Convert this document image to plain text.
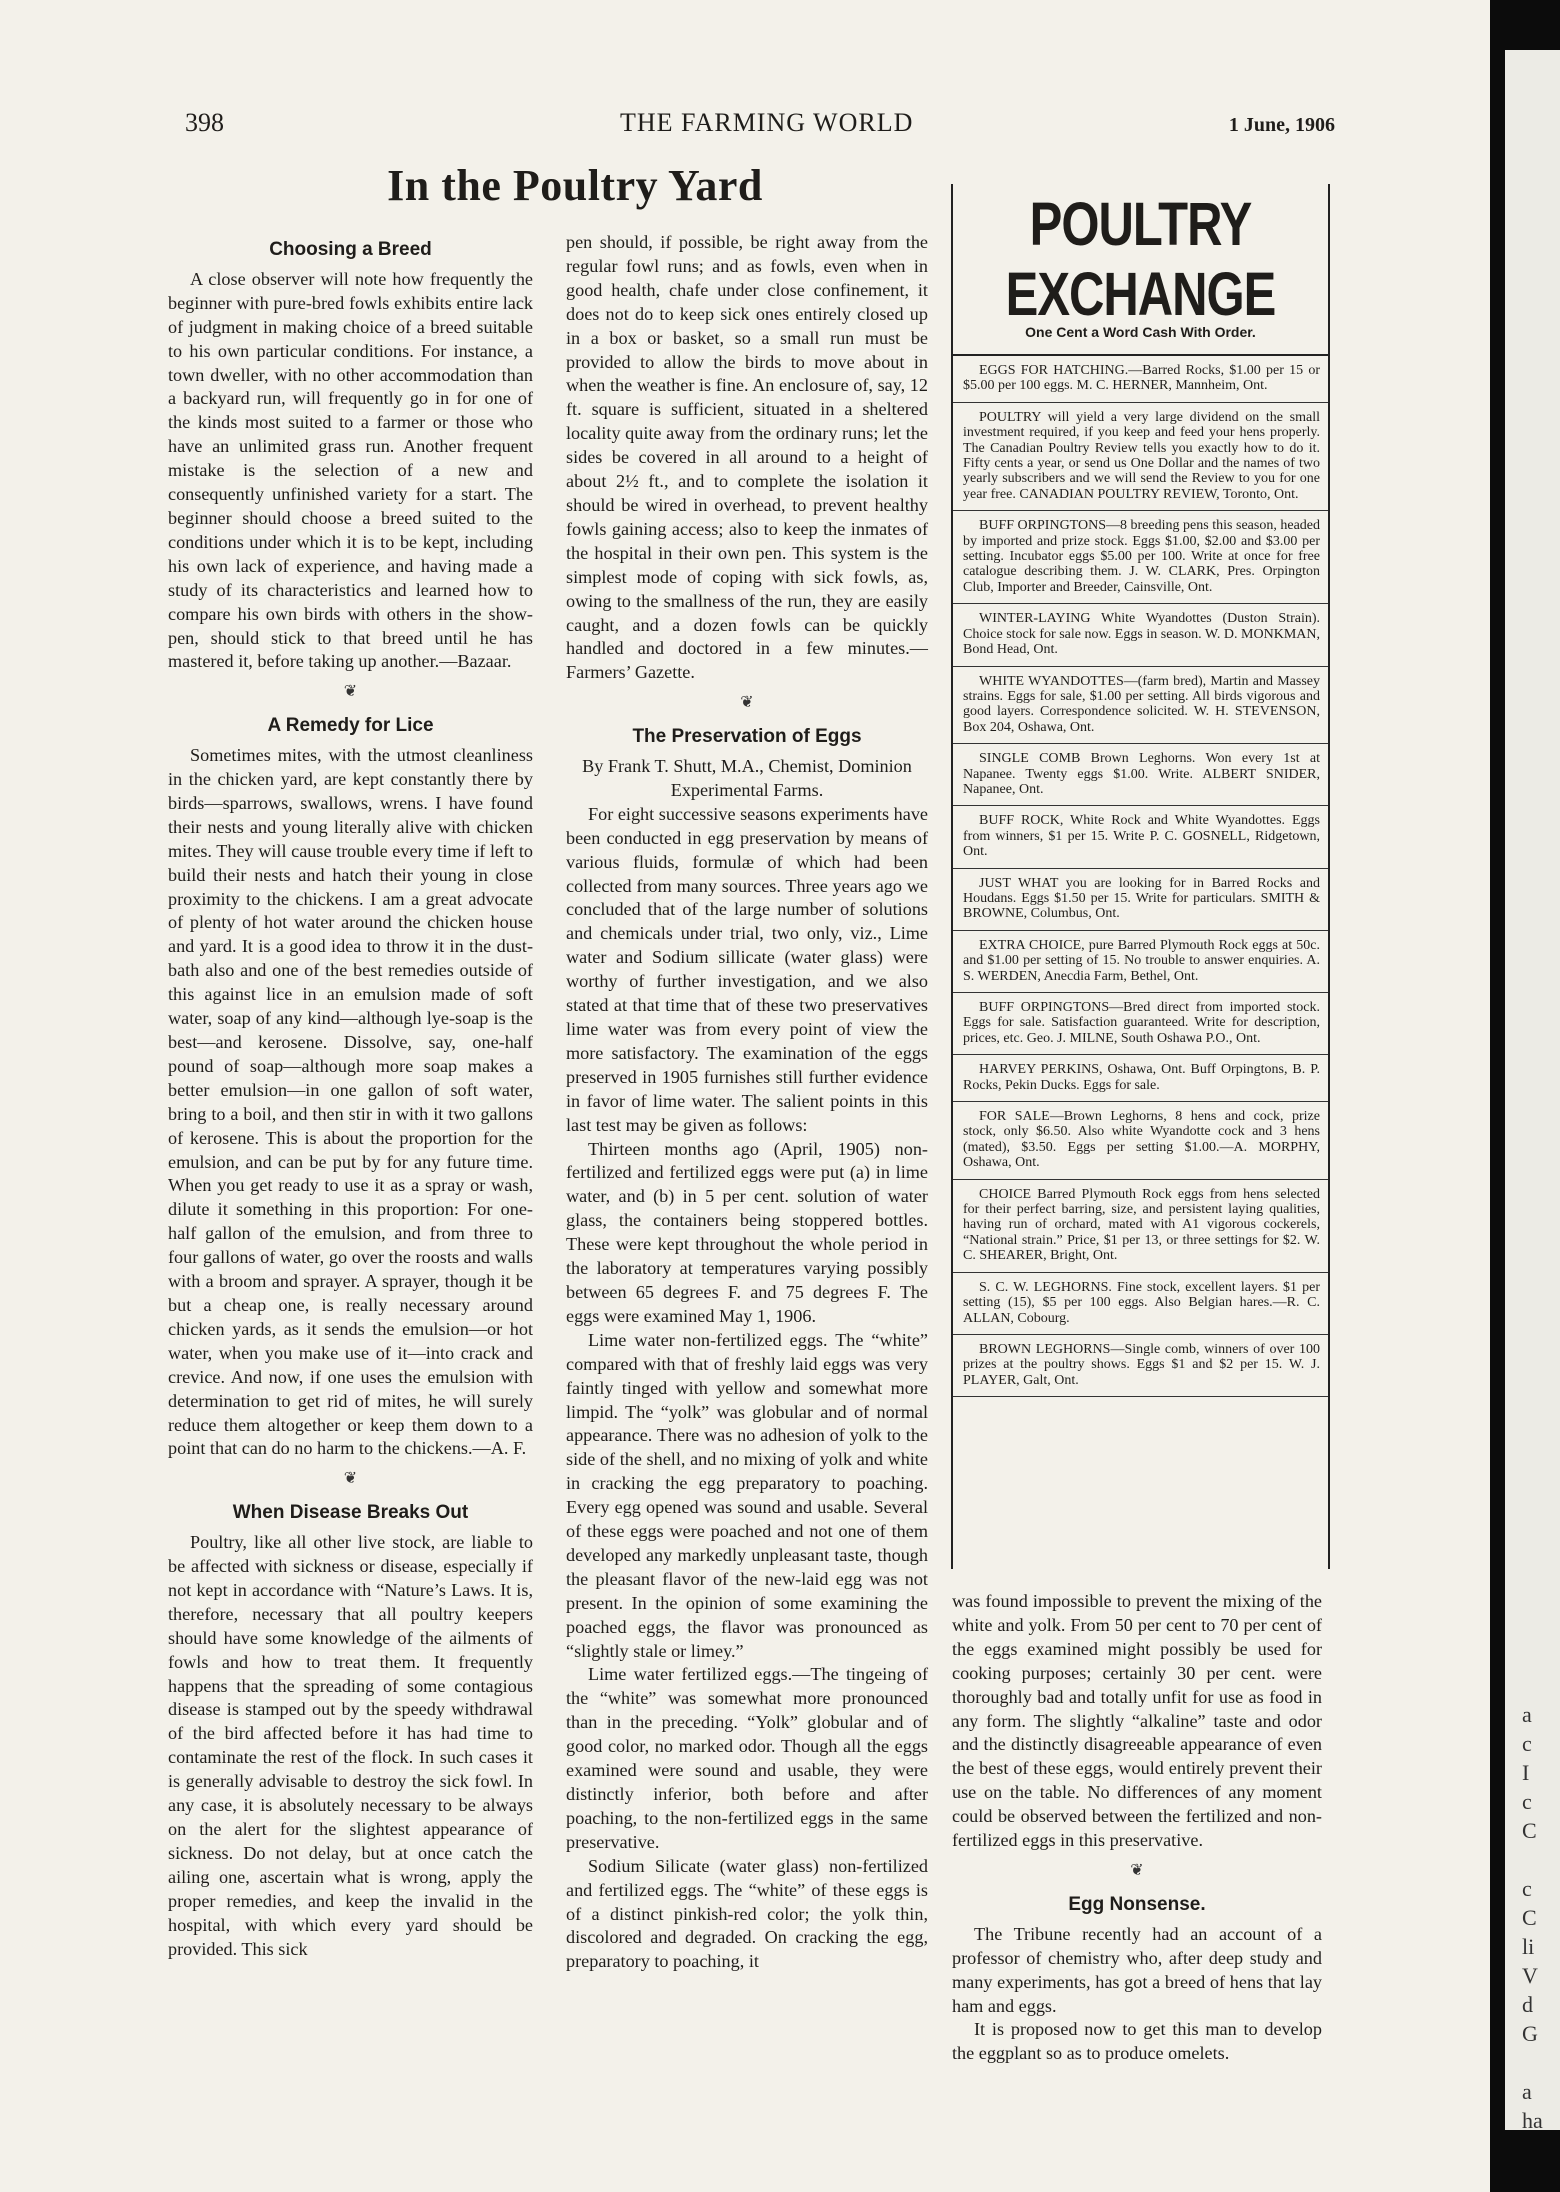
398	THE FARMING WORLD	1 June, 1906
In the Poultry Yard
Choosing a Breed

A close observer will note how frequently the beginner with pure-bred fowls exhibits entire lack of judgment in making choice of a breed suitable to his own particular conditions. For instance, a town dweller, with no other accommodation than a backyard run, will frequently go in for one of the kinds most suited to a farmer or those who have an unlimited grass run. Another frequent mistake is the selection of a new and consequently unfinished variety for a start. The beginner should choose a breed suited to the conditions under which it is to be kept, including his own lack of experience, and having made a study of its characteristics and learned how to compare his own birds with others in the show-pen, should stick to that breed until he has mastered it, before taking up another.—Bazaar.

❦
A Remedy for Lice

Sometimes mites, with the utmost cleanliness in the chicken yard, are kept constantly there by birds—sparrows, swallows, wrens. I have found their nests and young literally alive with chicken mites. They will cause trouble every time if left to build their nests and hatch their young in close proximity to the chickens. I am a great advocate of plenty of hot water around the chicken house and yard. It is a good idea to throw it in the dust-bath also and one of the best remedies outside of this against lice in an emulsion made of soft water, soap of any kind—although lye-soap is the best—and kerosene. Dissolve, say, one-half pound of soap—although more soap makes a better emulsion—in one gallon of soft water, bring to a boil, and then stir in with it two gallons of kerosene. This is about the proportion for the emulsion, and can be put by for any future time. When you get ready to use it as a spray or wash, dilute it something in this proportion: For one-half gallon of the emulsion, and from three to four gallons of water, go over the roosts and walls with a broom and sprayer. A sprayer, though it be but a cheap one, is really necessary around chicken yards, as it sends the emulsion—or hot water, when you make use of it—into crack and crevice. And now, if one uses the emulsion with determination to get rid of mites, he will surely reduce them altogether or keep them down to a point that can do no harm to the chickens.—A. F.

❦
When Disease Breaks Out

Poultry, like all other live stock, are liable to be affected with sickness or disease, especially if not kept in accordance with “Nature’s Laws. It is, therefore, necessary that all poultry keepers should have some knowledge of the ailments of fowls and how to treat them. It frequently happens that the spreading of some contagious disease is stamped out by the speedy withdrawal of the bird affected before it has had time to contaminate the rest of the flock. In such cases it is generally advisable to destroy the sick fowl. In any case, it is absolutely necessary to be always on the alert for the slightest appearance of sickness. Do not delay, but at once catch the ailing one, ascertain what is wrong, apply the proper remedies, and keep the invalid in the hospital, with which every yard should be provided. This sick

pen should, if possible, be right away from the regular fowl runs; and as fowls, even when in good health, chafe under close confinement, it does not do to keep sick ones entirely closed up in a box or basket, so a small run must be provided to allow the birds to move about in when the weather is fine. An enclosure of, say, 12 ft. square is sufficient, situated in a sheltered locality quite away from the ordinary runs; let the sides be covered in all around to a height of about 2½ ft., and to complete the isolation it should be wired in overhead, to prevent healthy fowls gaining access; also to keep the inmates of the hospital in their own pen. This system is the simplest mode of coping with sick fowls, as, owing to the smallness of the run, they are easily caught, and a dozen fowls can be quickly handled and doctored in a few minutes.—Farmers’ Gazette.

❦
The Preservation of Eggs

By Frank T. Shutt, M.A., Chemist, Dominion Experimental Farms.

For eight successive seasons experiments have been conducted in egg preservation by means of various fluids, formulæ of which had been collected from many sources. Three years ago we concluded that of the large number of solutions and chemicals under trial, two only, viz., Lime water and Sodium sillicate (water glass) were worthy of further investigation, and we also stated at that time that of these two preservatives lime water was from every point of view the more satisfactory. The examination of the eggs preserved in 1905 furnishes still further evidence in favor of lime water. The salient points in this last test may be given as follows:

Thirteen months ago (April, 1905) non-fertilized and fertilized eggs were put (a) in lime water, and (b) in 5 per cent. solution of water glass, the containers being stoppered bottles. These were kept throughout the whole period in the laboratory at temperatures varying possibly between 65 degrees F. and 75 degrees F. The eggs were examined May 1, 1906.

Lime water non-fertilized eggs. The “white” compared with that of freshly laid eggs was very faintly tinged with yellow and somewhat more limpid. The “yolk” was globular and of normal appearance. There was no adhesion of yolk to the side of the shell, and no mixing of yolk and white in cracking the egg preparatory to poaching. Every egg opened was sound and usable. Several of these eggs were poached and not one of them developed any markedly unpleasant taste, though the pleasant flavor of the new-laid egg was not present. In the opinion of some examining the poached eggs, the flavor was pronounced as “slightly stale or limey.”

Lime water fertilized eggs.—The tingeing of the “white” was somewhat more pronounced than in the preceding. “Yolk” globular and of good color, no marked odor. Though all the eggs examined were sound and usable, they were distinctly inferior, both before and after poaching, to the non-fertilized eggs in the same preservative.

Sodium Silicate (water glass) non-fertilized and fertilized eggs. The “white” of these eggs is of a distinct pinkish-red color; the yolk thin, discolored and degraded. On cracking the egg, preparatory to poaching, it

POULTRY EXCHANGE
One Cent a Word Cash With Order.
EGGS FOR HATCHING.—Barred Rocks, $1.00 per 15 or $5.00 per 100 eggs. M. C. HERNER, Mannheim, Ont.
POULTRY will yield a very large dividend on the small investment required, if you keep and feed your hens properly. The Canadian Poultry Review tells you exactly how to do it. Fifty cents a year, or send us One Dollar and the names of two yearly subscribers and we will send the Review to you for one year free. CANADIAN POULTRY REVIEW, Toronto, Ont.
BUFF ORPINGTONS—8 breeding pens this season, headed by imported and prize stock. Eggs $1.00, $2.00 and $3.00 per setting. Incubator eggs $5.00 per 100. Write at once for free catalogue describing them. J. W. CLARK, Pres. Orpington Club, Importer and Breeder, Cainsville, Ont.
WINTER-LAYING White Wyandottes (Duston Strain). Choice stock for sale now. Eggs in season. W. D. MONKMAN, Bond Head, Ont.
WHITE WYANDOTTES—(farm bred), Martin and Massey strains. Eggs for sale, $1.00 per setting. All birds vigorous and good layers. Correspondence solicited. W. H. STEVENSON, Box 204, Oshawa, Ont.
SINGLE COMB Brown Leghorns. Won every 1st at Napanee. Twenty eggs $1.00. Write. ALBERT SNIDER, Napanee, Ont.
BUFF ROCK, White Rock and White Wyandottes. Eggs from winners, $1 per 15. Write P. C. GOSNELL, Ridgetown, Ont.
JUST WHAT you are looking for in Barred Rocks and Houdans. Eggs $1.50 per 15. Write for particulars. SMITH & BROWNE, Columbus, Ont.
EXTRA CHOICE, pure Barred Plymouth Rock eggs at 50c. and $1.00 per setting of 15. No trouble to answer enquiries. A. S. WERDEN, Anecdia Farm, Bethel, Ont.
BUFF ORPINGTONS—Bred direct from imported stock. Eggs for sale. Satisfaction guaranteed. Write for description, prices, etc. Geo. J. MILNE, South Oshawa P.O., Ont.
HARVEY PERKINS, Oshawa, Ont. Buff Orpingtons, B. P. Rocks, Pekin Ducks. Eggs for sale.
FOR SALE—Brown Leghorns, 8 hens and cock, prize stock, only $6.50. Also white Wyandotte cock and 3 hens (mated), $3.50. Eggs per setting $1.00.—A. MORPHY, Oshawa, Ont.
CHOICE Barred Plymouth Rock eggs from hens selected for their perfect barring, size, and persistent laying qualities, having run of orchard, mated with A1 vigorous cockerels, “National strain.” Price, $1 per 13, or three settings for $2. W. C. SHEARER, Bright, Ont.
S. C. W. LEGHORNS. Fine stock, excellent layers. $1 per setting (15), $5 per 100 eggs. Also Belgian hares.—R. C. ALLAN, Cobourg.
BROWN LEGHORNS—Single comb, winners of over 100 prizes at the poultry shows. Eggs $1 and $2 per 15. W. J. PLAYER, Galt, Ont.

was found impossible to prevent the mixing of the white and yolk. From 50 per cent to 70 per cent of the eggs examined might possibly be used for cooking purposes; certainly 30 per cent. were thoroughly bad and totally unfit for use as food in any form. The slightly “alkaline” taste and odor and the distinctly disagreeable appearance of even the best of these eggs, would entirely prevent their use on the table. No differences of any moment could be observed between the fertilized and non-fertilized eggs in this preservative.

❦
Egg Nonsense.

The Tribune recently had an account of a professor of chemistry who, after deep study and many experiments, has got a breed of hens that lay ham and eggs.

It is proposed now to get this man to develop the eggplant so as to produce omelets.

a
c
I
c
C

c
C
li
V
d
G

a
ha
